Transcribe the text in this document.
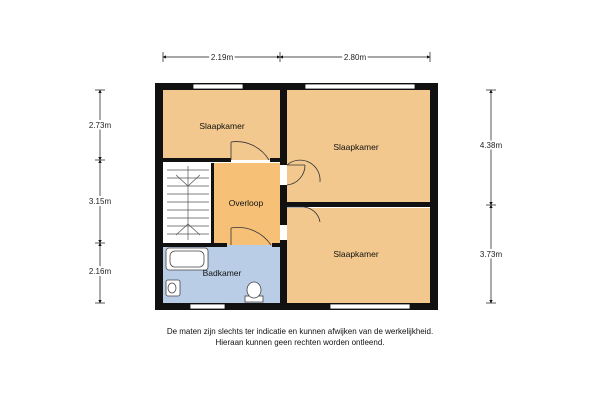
Slaapkamer
Slaapkamer
Slaapkamer
Overloop
Badkamer
2.19m	2.80m
2.73m
3.15m
2.16m
4.38m
3.73m
De maten zijn slechts ter indicatie en kunnen afwijken van de werkelijkheid.
Hieraan kunnen geen rechten worden ontleend.
